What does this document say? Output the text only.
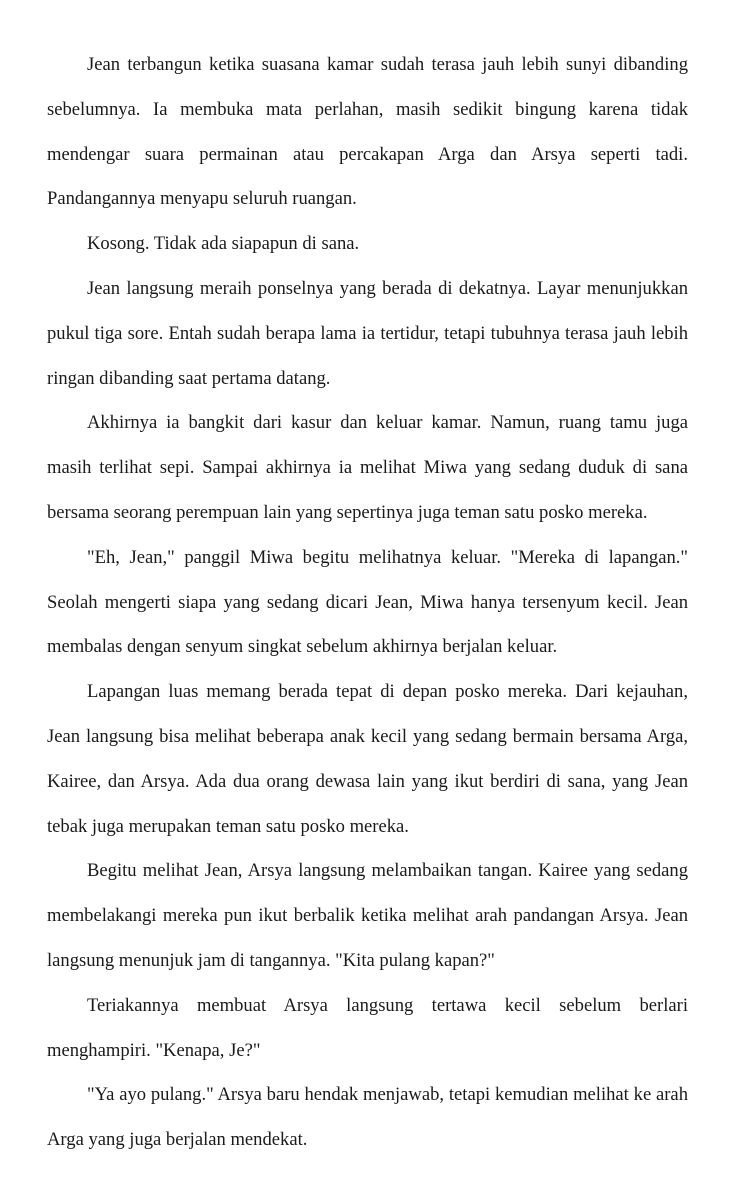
Jean terbangun ketika suasana kamar sudah terasa jauh lebih sunyi dibanding sebelumnya. Ia membuka mata perlahan, masih sedikit bingung karena tidak mendengar suara permainan atau percakapan Arga dan Arsya seperti tadi. Pandangannya menyapu seluruh ruangan.

Kosong. Tidak ada siapapun di sana.

Jean langsung meraih ponselnya yang berada di dekatnya. Layar menunjukkan pukul tiga sore. Entah sudah berapa lama ia tertidur, tetapi tubuhnya terasa jauh lebih ringan dibanding saat pertama datang.

Akhirnya ia bangkit dari kasur dan keluar kamar. Namun, ruang tamu juga masih terlihat sepi. Sampai akhirnya ia melihat Miwa yang sedang duduk di sana bersama seorang perempuan lain yang sepertinya juga teman satu posko mereka.

"Eh, Jean," panggil Miwa begitu melihatnya keluar. "Mereka di lapangan." Seolah mengerti siapa yang sedang dicari Jean, Miwa hanya tersenyum kecil. Jean membalas dengan senyum singkat sebelum akhirnya berjalan keluar.

Lapangan luas memang berada tepat di depan posko mereka. Dari kejauhan, Jean langsung bisa melihat beberapa anak kecil yang sedang bermain bersama Arga, Kairee, dan Arsya. Ada dua orang dewasa lain yang ikut berdiri di sana, yang Jean tebak juga merupakan teman satu posko mereka.

Begitu melihat Jean, Arsya langsung melambaikan tangan. Kairee yang sedang membelakangi mereka pun ikut berbalik ketika melihat arah pandangan Arsya. Jean langsung menunjuk jam di tangannya. "Kita pulang kapan?"

Teriakannya membuat Arsya langsung tertawa kecil sebelum berlari menghampiri. "Kenapa, Je?"

"Ya ayo pulang." Arsya baru hendak menjawab, tetapi kemudian melihat ke arah Arga yang juga berjalan mendekat.
